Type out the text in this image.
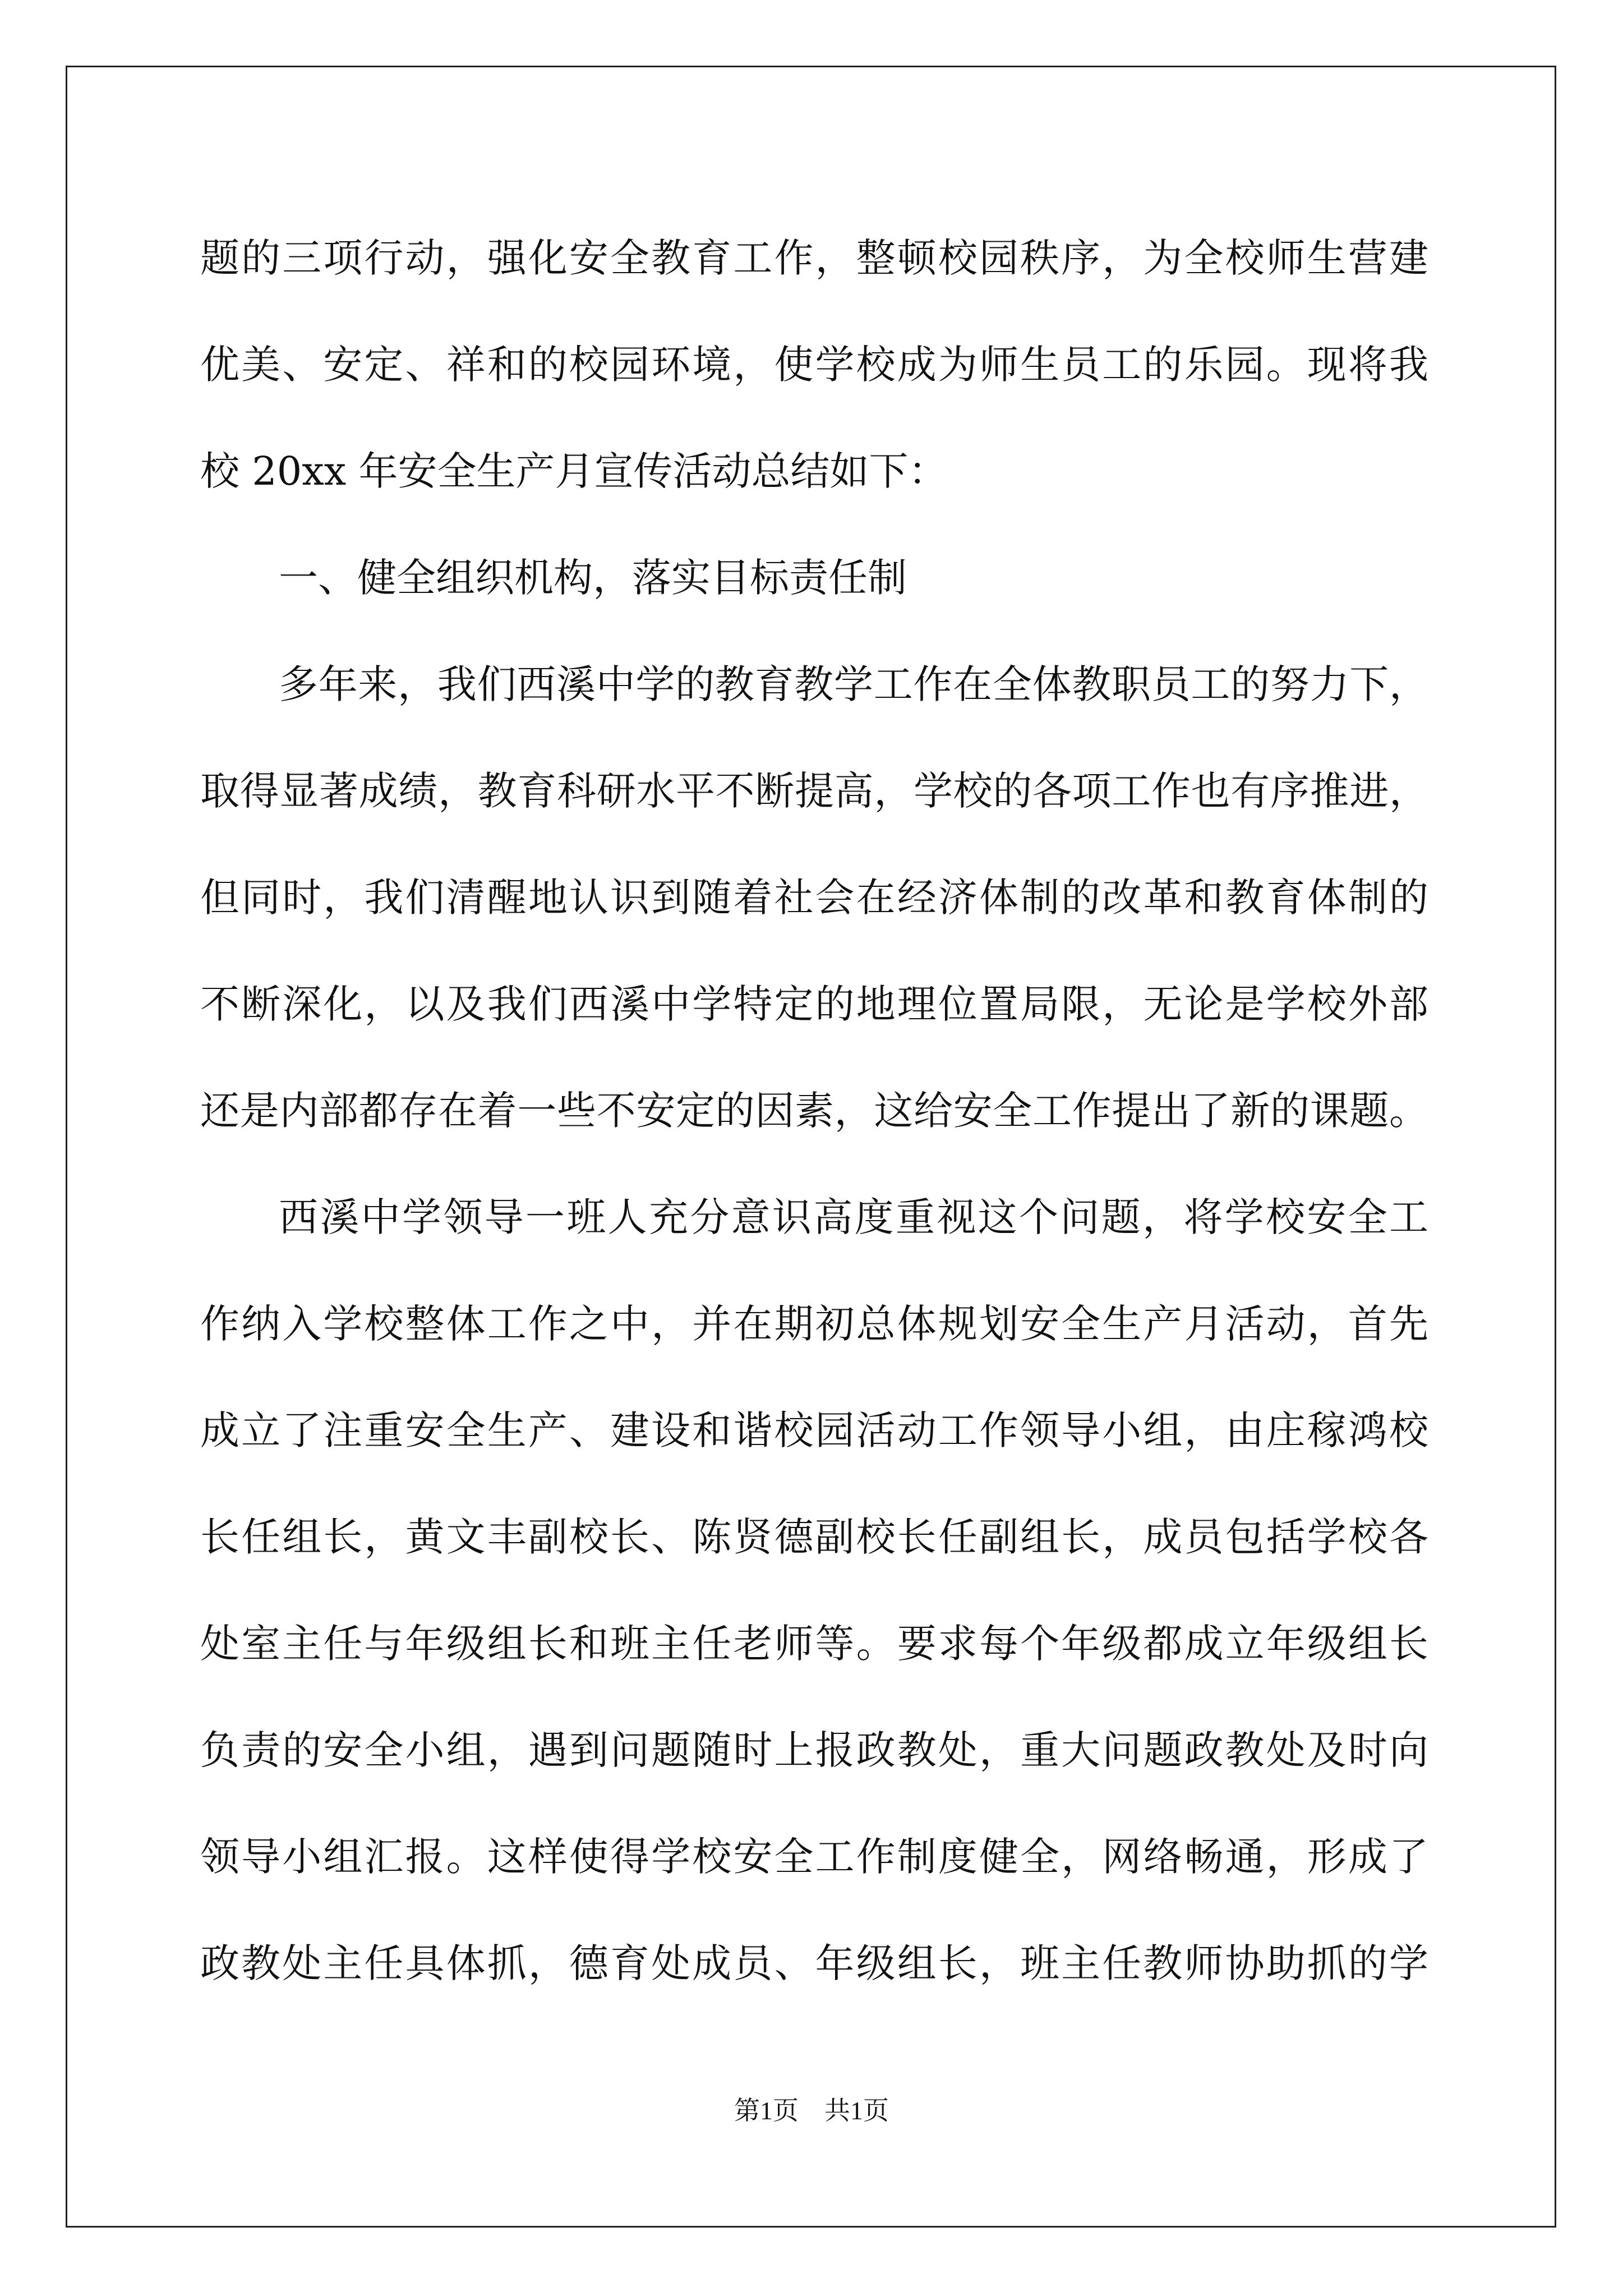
题的三项行动，强化安全教育工作，整顿校园秩序，为全校师生营建
优美、安定、祥和的校园环境，使学校成为师生员工的乐园。现将我
校 20xx 年安全生产月宣传活动总结如下：
一、健全组织机构，落实目标责任制
多年来，我们西溪中学的教育教学工作在全体教职员工的努力下，
取得显著成绩，教育科研水平不断提高，学校的各项工作也有序推进，
但同时，我们清醒地认识到随着社会在经济体制的改革和教育体制的
不断深化，以及我们西溪中学特定的地理位置局限，无论是学校外部
还是内部都存在着一些不安定的因素，这给安全工作提出了新的课题。
西溪中学领导一班人充分意识高度重视这个问题，将学校安全工
作纳入学校整体工作之中，并在期初总体规划安全生产月活动，首先
成立了注重安全生产、建设和谐校园活动工作领导小组，由庄稼鸿校
长任组长，黄文丰副校长、陈贤德副校长任副组长，成员包括学校各
处室主任与年级组长和班主任老师等。要求每个年级都成立年级组长
负责的安全小组，遇到问题随时上报政教处，重大问题政教处及时向
领导小组汇报。这样使得学校安全工作制度健全，网络畅通，形成了
政教处主任具体抓，德育处成员、年级组长，班主任教师协助抓的学
第1页 共1页
